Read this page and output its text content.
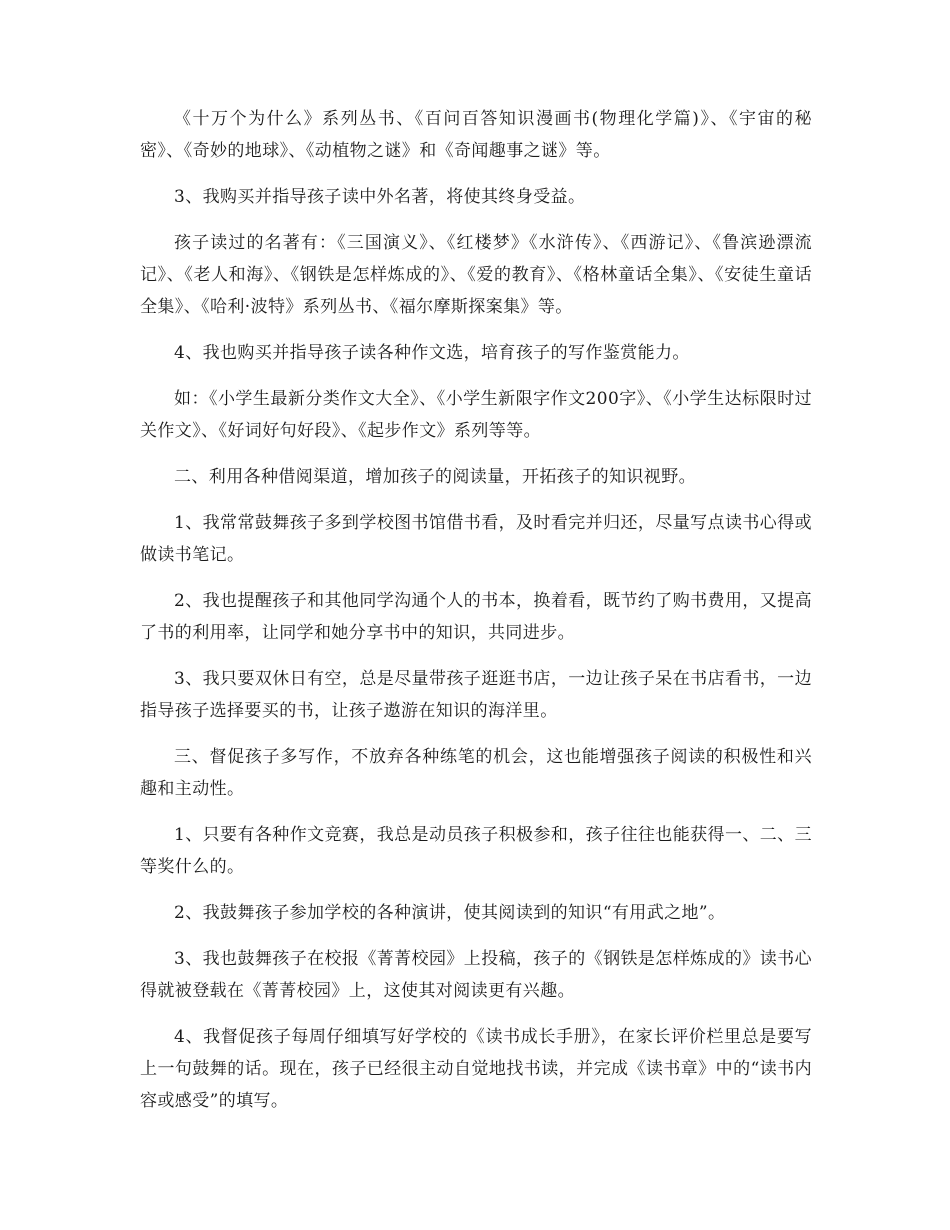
《十万个为什么》系列丛书、《百问百答知识漫画书(物理化学篇)》、《宇宙的秘密》、《奇妙的地球》、《动植物之谜》和《奇闻趣事之谜》等。

3、我购买并指导孩子读中外名著，将使其终身受益。

孩子读过的名著有：《三国演义》、《红楼梦》《水浒传》、《西游记》、《鲁滨逊漂流记》、《老人和海》、《钢铁是怎样炼成的》、《爱的教育》、《格林童话全集》、《安徒生童话全集》、《哈利·波特》系列丛书、《福尔摩斯探案集》等。

4、我也购买并指导孩子读各种作文选，培育孩子的写作鉴赏能力。

如：《小学生最新分类作文大全》、《小学生新限字作文200字》、《小学生达标限时过关作文》、《好词好句好段》、《起步作文》系列等等。

二、利用各种借阅渠道，增加孩子的阅读量，开拓孩子的知识视野。

1、我常常鼓舞孩子多到学校图书馆借书看，及时看完并归还，尽量写点读书心得或做读书笔记。

2、我也提醒孩子和其他同学沟通个人的书本，换着看，既节约了购书费用，又提高了书的利用率，让同学和她分享书中的知识，共同进步。

3、我只要双休日有空，总是尽量带孩子逛逛书店，一边让孩子呆在书店看书，一边指导孩子选择要买的书，让孩子遨游在知识的海洋里。

三、督促孩子多写作，不放弃各种练笔的机会，这也能增强孩子阅读的积极性和兴趣和主动性。

1、只要有各种作文竞赛，我总是动员孩子积极参和，孩子往往也能获得一、二、三等奖什么的。

2、我鼓舞孩子参加学校的各种演讲，使其阅读到的知识“有用武之地”。

3、我也鼓舞孩子在校报《菁菁校园》上投稿，孩子的《钢铁是怎样炼成的》读书心得就被登载在《菁菁校园》上，这使其对阅读更有兴趣。

4、我督促孩子每周仔细填写好学校的《读书成长手册》，在家长评价栏里总是要写上一句鼓舞的话。现在，孩子已经很主动自觉地找书读，并完成《读书章》中的“读书内容或感受”的填写。
